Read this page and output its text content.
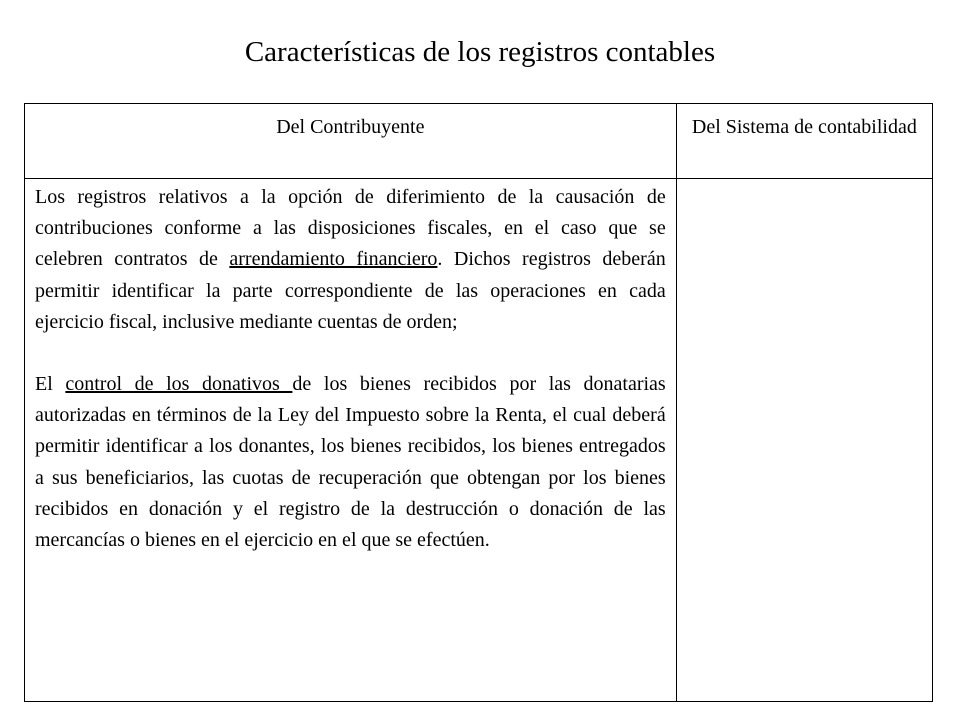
Características de los registros contables
Del Contribuyente	Del Sistema de contabilidad

Los registros relativos a la opción de diferimiento de la causación de contribuciones conforme a las disposiciones fiscales, en el caso que se celebren contratos de arrendamiento financiero. Dichos registros deberán permitir identificar la parte correspondiente de las operaciones en cada ejercicio fiscal, inclusive mediante cuentas de orden;

El control de los donativos de los bienes recibidos por las donatarias autorizadas en términos de la Ley del Impuesto sobre la Renta, el cual deberá permitir identificar a los donantes, los bienes recibidos, los bienes entregados a sus beneficiarios, las cuotas de recuperación que obtengan por los bienes recibidos en donación y el registro de la destrucción o donación de las mercancías o bienes en el ejercicio en el que se efectúen.	
